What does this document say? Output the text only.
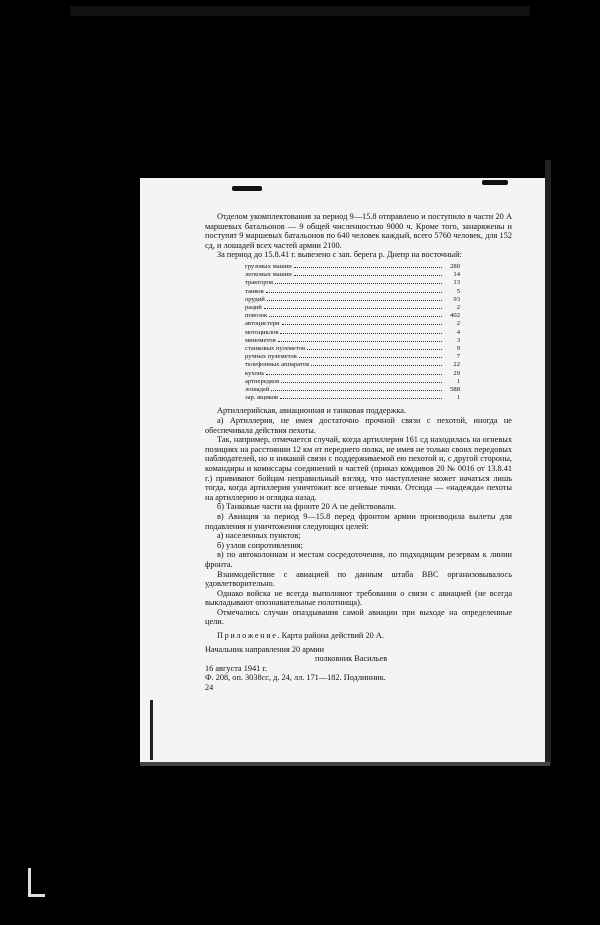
Отделом укомплектования за период 9—15.8 отправлено и поступило в части 20 А маршевых батальонов — 9 общей численностью 9000 ч. Кроме того, занаряжены и поступят 9 маршевых батальонов по 640 человек каждый, всего 5760 человек, для 152 сд, и лошадей всех частей армии 2100.

За период до 15.8.41 г. вывезено с зап. берега р. Днепр на восточный:

грузовых машин	280
легковых машин	14
тракторов	13
танков	5
орудий	93
раций	2
повозок	402
автоцистерн	2
мотоциклов	4
минометов	3
станковых пулеметов	9
ручных пулеметов	7
телефонных аппаратов	22
кухонь	29
артпередков	1
лошадей	588
зар. ящиков	1

Артиллерийская, авиационная и танковая поддержка.

а) Артиллерия, не имея достаточно прочной связи с пехотой, иногда не обеспечивала действия пехоты.

Так, например, отмечается случай, когда артиллерия 161 сд находилась на огневых позициях на расстоянии 12 км от переднего полка, не имея не только своих передовых наблюдателей, но и никакой связи с поддерживаемой ею пехотой и, с другой стороны, командиры и комиссары соединений и частей (приказ комдивов 20 № 0016 от 13.8.41 г.) прививают бойцам неправильный взгляд, что наступление может начаться лишь тогда, когда артиллерия уничтожит все огневые точки. Отсюда — «надежда» пехоты на артиллерию и оглядка назад.

б) Танковые части на фронте 20 А не действовали.

в) Авиация за период 9—15.8 перед фронтом армии производила вылеты для подавления и уничтожения следующих целей:

а) населенных пунктов;

б) узлов сопротивления;

в) по автоколоннам и местам сосредоточения, по подходящим резервам к линии фронта.

Взаимодействие с авиацией по данным штаба ВВС организовывалось удовлетворительно.

Однако войска не всегда выполняют требования о связи с авиацией (не всегда выкладывают опознавательные полотнища).

Отмечались случаи опаздывания самой авиации при выходе на определенные цели.

Приложение. Карта района действий 20 А.

Начальник направления 20 армии

полковник Васильев

16 августа 1941 г.

Ф. 208, оп. 3038сс, д. 24, лл. 171—182. Подлинник.

24
